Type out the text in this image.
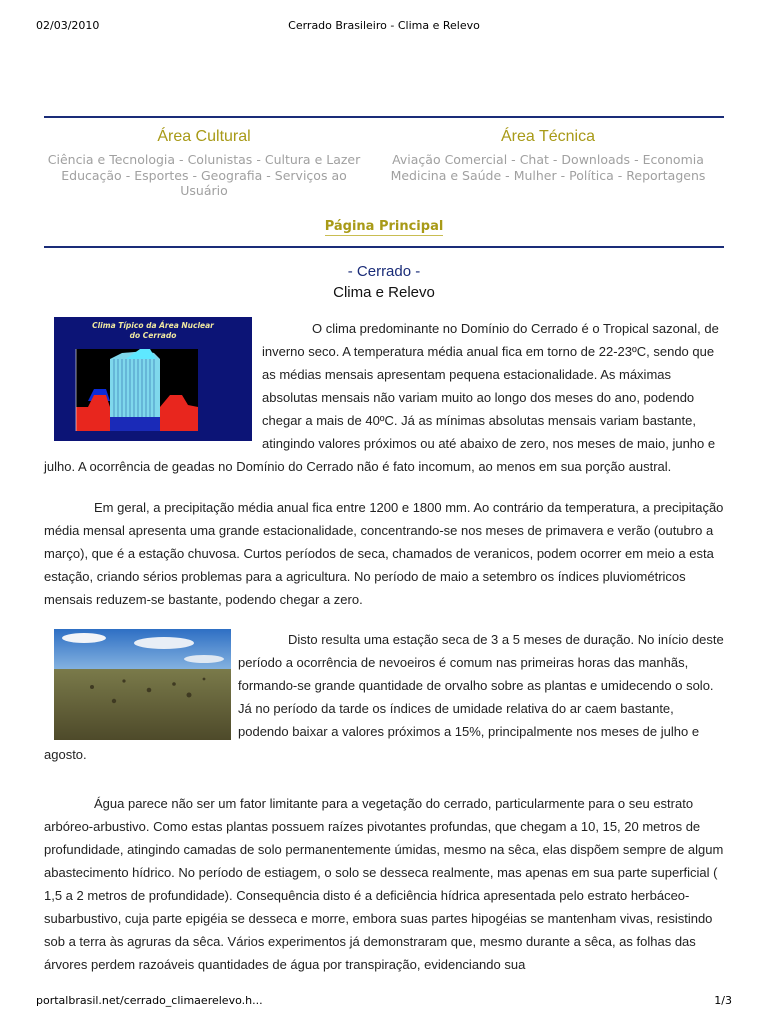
02/03/2010	Cerrado Brasileiro - Clima e Relevo
Área Cultural
Ciência e Tecnologia - Colunistas - Cultura e Lazer
Educação - Esportes - Geografia - Serviços ao Usuário
Área Técnica
Aviação Comercial - Chat - Downloads - Economia
Medicina e Saúde - Mulher - Política - Reportagens
Página Principal
- Cerrado -
Clima e Relevo
Clima Típico da Área Nuclear
do Cerrado	O clima predominante no Domínio do Cerrado é o Tropical sazonal, de inverno seco. A temperatura média anual fica em torno de 22-23ºC, sendo que as médias mensais apresentam pequena estacionalidade. As máximas absolutas mensais não variam muito ao longo dos meses do ano, podendo chegar a mais de 40ºC. Já as mínimas absolutas mensais variam bastante, atingindo valores próximos ou até abaixo de zero, nos meses de maio, junho e julho. A ocorrência de geadas no Domínio do Cerrado não é fato incomum, ao menos em sua porção austral.

Em geral, a precipitação média anual fica entre 1200 e 1800 mm. Ao contrário da temperatura, a precipitação média mensal apresenta uma grande estacionalidade, concentrando-se nos meses de primavera e verão (outubro a março), que é a estação chuvosa. Curtos períodos de seca, chamados de veranicos, podem ocorrer em meio a esta estação, criando sérios problemas para a agricultura. No período de maio a setembro os índices pluviométricos mensais reduzem-se bastante, podendo chegar a zero.

Disto resulta uma estação seca de 3 a 5 meses de duração. No início deste período a ocorrência de nevoeiros é comum nas primeiras horas das manhãs, formando-se grande quantidade de orvalho sobre as plantas e umidecendo o solo. Já no período da tarde os índices de umidade relativa do ar caem bastante, podendo baixar a valores próximos a 15%, principalmente nos meses de julho e agosto.

Água parece não ser um fator limitante para a vegetação do cerrado, particularmente para o seu estrato arbóreo-arbustivo. Como estas plantas possuem raízes pivotantes profundas, que chegam a 10, 15, 20 metros de profundidade, atingindo camadas de solo permanentemente úmidas, mesmo na sêca, elas dispõem sempre de algum abastecimento hídrico. No período de estiagem, o solo se desseca realmente, mas apenas em sua parte superficial ( 1,5 a 2 metros de profundidade). Consequência disto é a deficiência hídrica apresentada pelo estrato herbáceo-subarbustivo, cuja parte epigéia se desseca e morre, embora suas partes hipogéias se mantenham vivas, resistindo sob a terra às agruras da sêca. Vários experimentos já demonstraram que, mesmo durante a sêca, as folhas das árvores perdem razoáveis quantidades de água por transpiração, evidenciando sua

portalbrasil.net/cerrado_climaerelevo.h...	1/3
